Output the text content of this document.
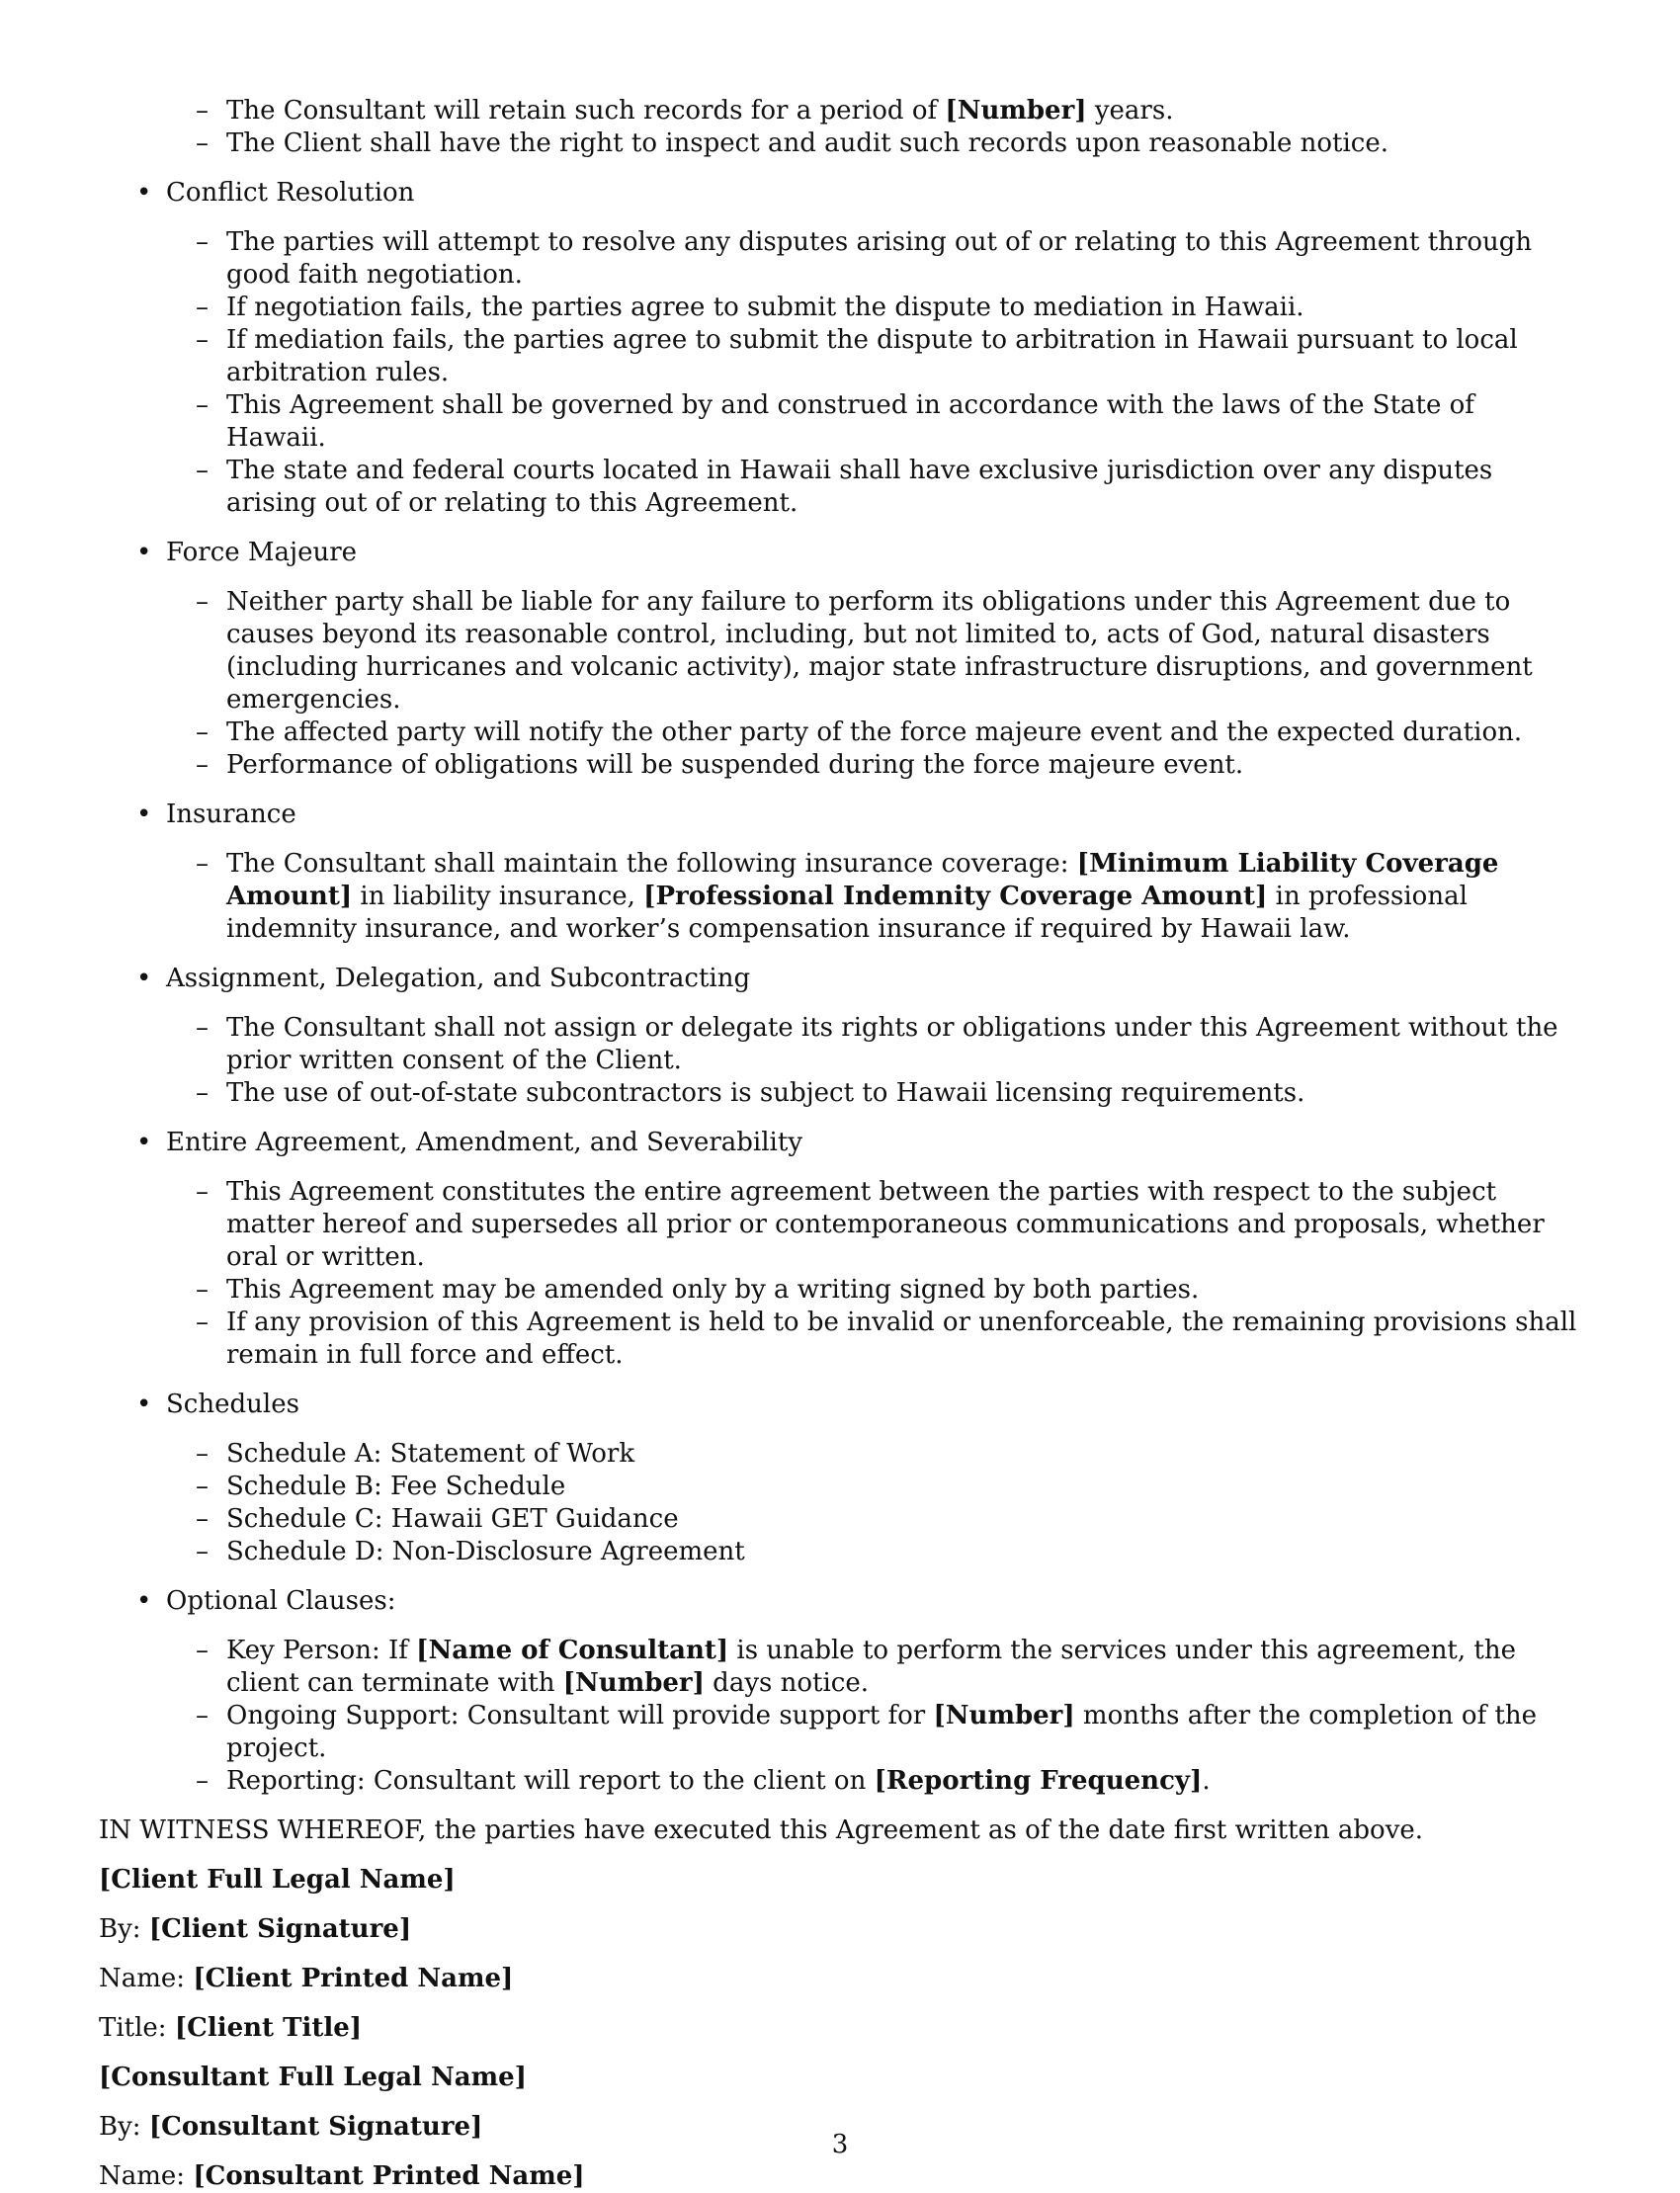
– The Consultant will retain such records for a period of [Number] years.
– The Client shall have the right to inspect and audit such records upon reasonable notice.
• Conflict Resolution
– The parties will attempt to resolve any disputes arising out of or relating to this Agreement through good faith negotiation.
– If negotiation fails, the parties agree to submit the dispute to mediation in Hawaii.
– If mediation fails, the parties agree to submit the dispute to arbitration in Hawaii pursuant to local arbitration rules.
– This Agreement shall be governed by and construed in accordance with the laws of the State of Hawaii.
– The state and federal courts located in Hawaii shall have exclusive jurisdiction over any disputes arising out of or relating to this Agreement.
• Force Majeure
– Neither party shall be liable for any failure to perform its obligations under this Agreement due to causes beyond its reasonable control, including, but not limited to, acts of God, natural disasters (including hurricanes and volcanic activity), major state infrastructure disruptions, and government emergencies.
– The affected party will notify the other party of the force majeure event and the expected duration.
– Performance of obligations will be suspended during the force majeure event.
• Insurance
– The Consultant shall maintain the following insurance coverage: [Minimum Liability Coverage Amount] in liability insurance, [Professional Indemnity Coverage Amount] in professional indemnity insurance, and worker’s compensation insurance if required by Hawaii law.
• Assignment, Delegation, and Subcontracting
– The Consultant shall not assign or delegate its rights or obligations under this Agreement without the prior written consent of the Client.
– The use of out-of-state subcontractors is subject to Hawaii licensing requirements.
• Entire Agreement, Amendment, and Severability
– This Agreement constitutes the entire agreement between the parties with respect to the subject matter hereof and supersedes all prior or contemporaneous communications and proposals, whether oral or written.
– This Agreement may be amended only by a writing signed by both parties.
– If any provision of this Agreement is held to be invalid or unenforceable, the remaining provisions shall remain in full force and effect.
• Schedules
– Schedule A: Statement of Work
– Schedule B: Fee Schedule
– Schedule C: Hawaii GET Guidance
– Schedule D: Non-Disclosure Agreement
• Optional Clauses:
– Key Person: If [Name of Consultant] is unable to perform the services under this agreement, the client can terminate with [Number] days notice.
– Ongoing Support: Consultant will provide support for [Number] months after the completion of the project.
– Reporting: Consultant will report to the client on [Reporting Frequency].

IN WITNESS WHEREOF, the parties have executed this Agreement as of the date first written above.

[Client Full Legal Name]

By: [Client Signature]

Name: [Client Printed Name]

Title: [Client Title]

[Consultant Full Legal Name]

By: [Consultant Signature]

Name: [Consultant Printed Name]

3
